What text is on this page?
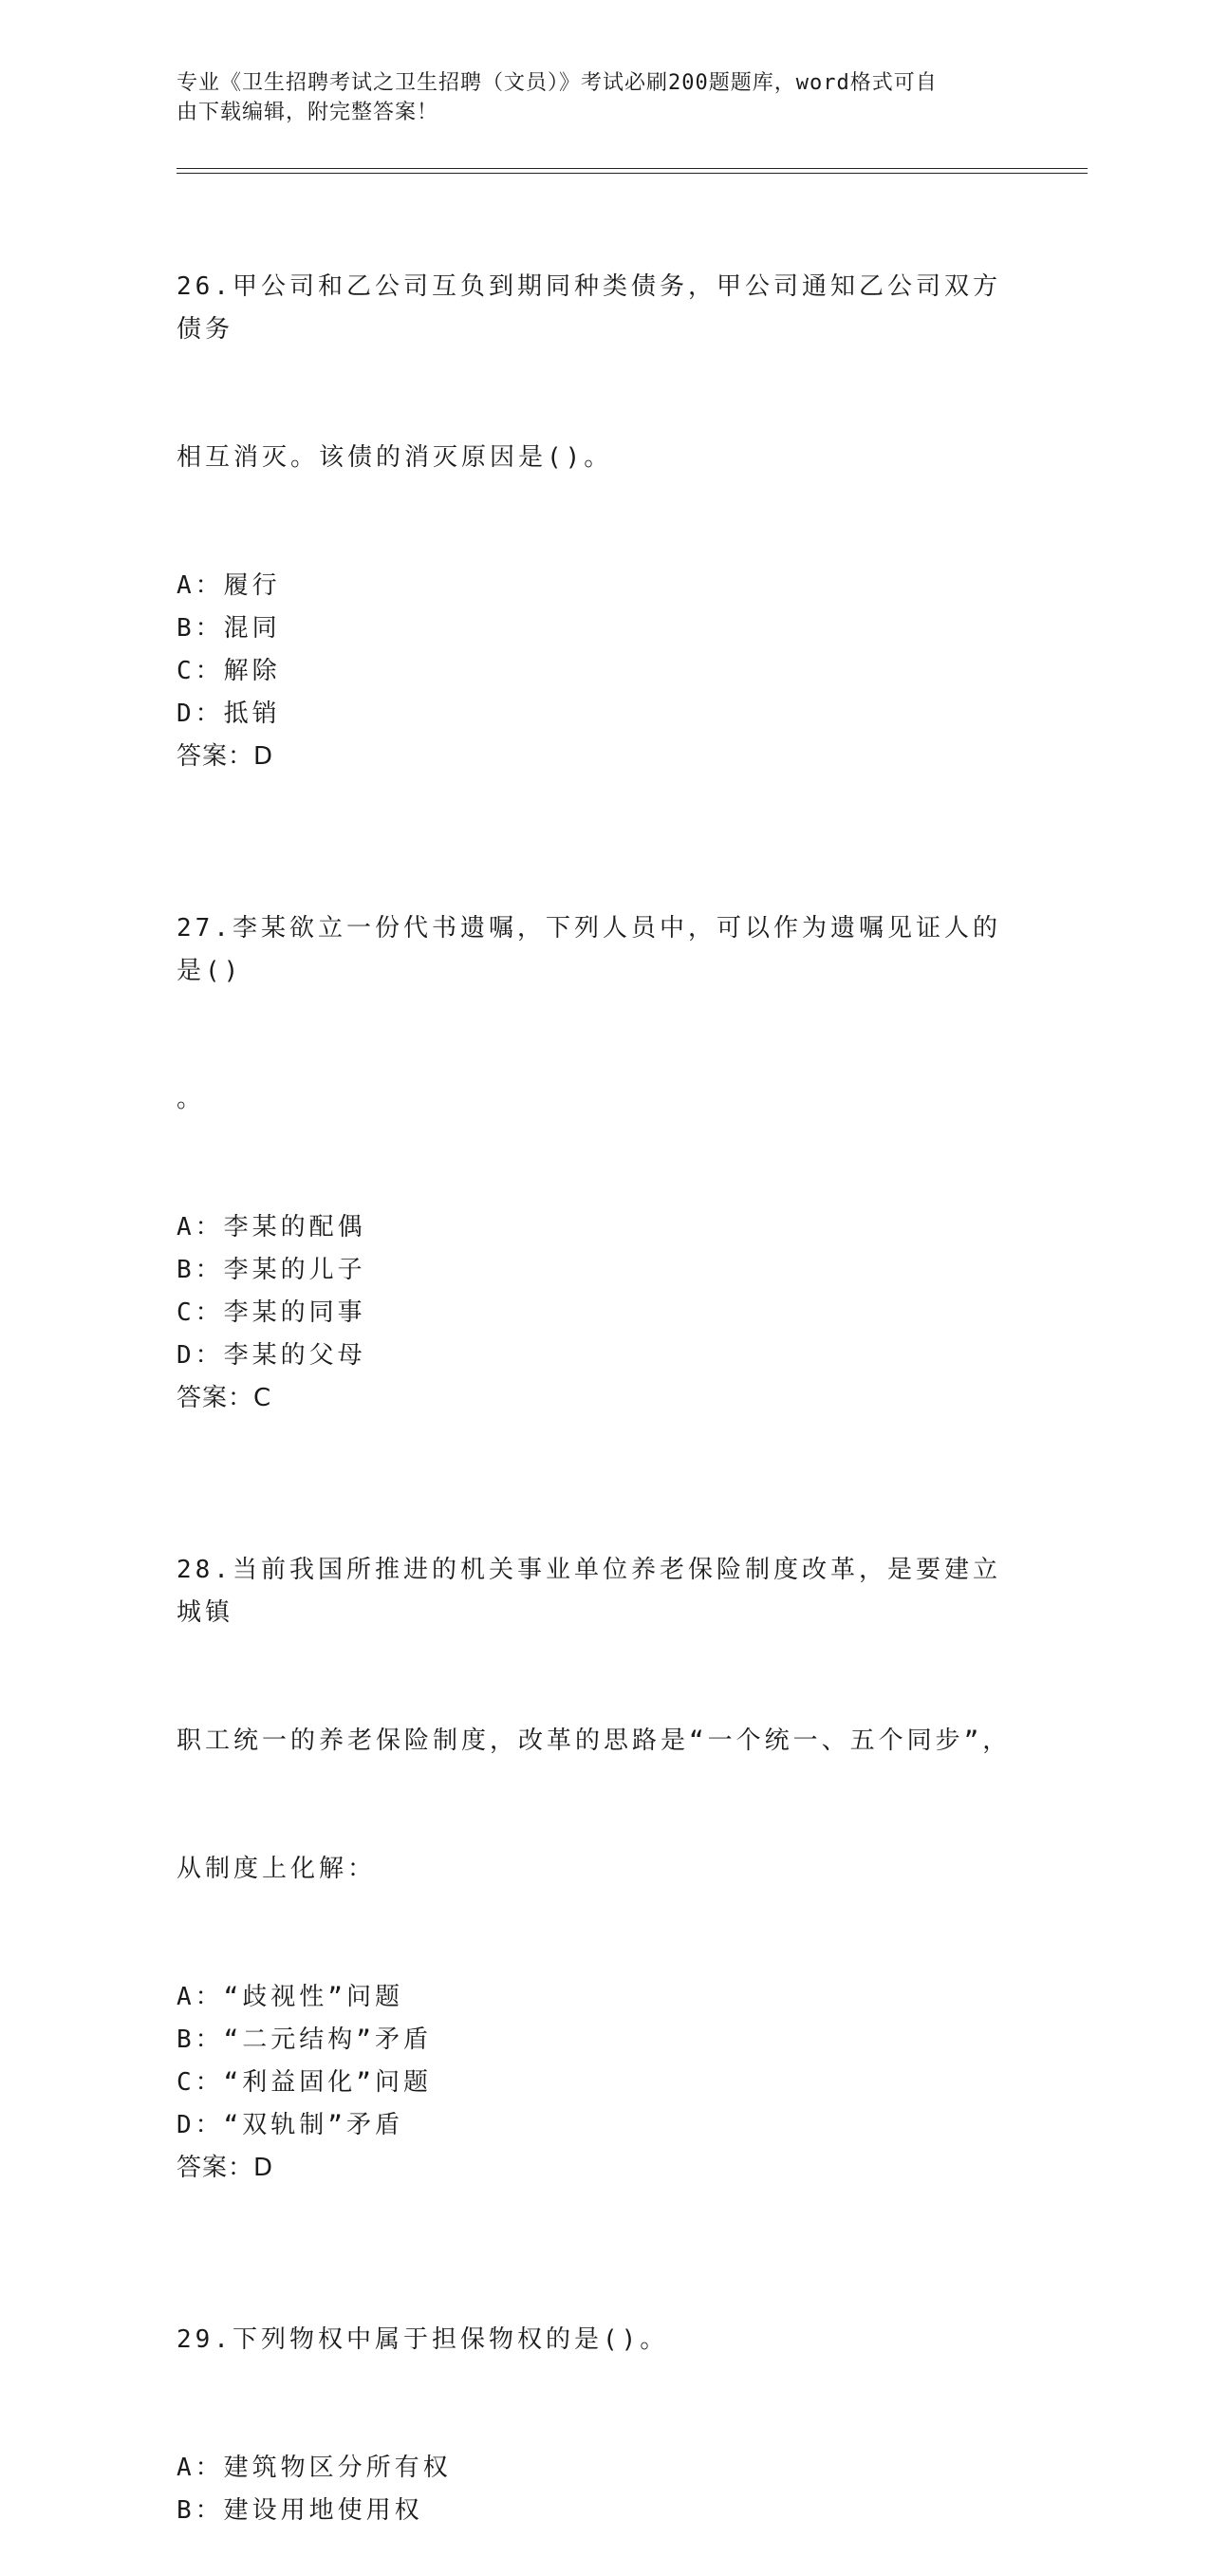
专业《卫生招聘考试之卫生招聘（文员）》考试必刷200题题库，word格式可自
由下载编辑，附完整答案！

26.甲公司和乙公司互负到期同种类债务，甲公司通知乙公司双方债务

相互消灭。该债的消灭原因是()。

A：履行
B：混同
C：解除
D：抵销
答案：D

27.李某欲立一份代书遗嘱，下列人员中，可以作为遗嘱见证人的是()

。

A：李某的配偶
B：李某的儿子
C：李某的同事
D：李某的父母
答案：C

28.当前我国所推进的机关事业单位养老保险制度改革，是要建立城镇

职工统一的养老保险制度，改革的思路是“一个统一、五个同步”，

从制度上化解：

A：“歧视性”问题
B：“二元结构”矛盾
C：“利益固化”问题
D：“双轨制”矛盾
答案：D

29.下列物权中属于担保物权的是()。

A：建筑物区分所有权
B：建设用地使用权
